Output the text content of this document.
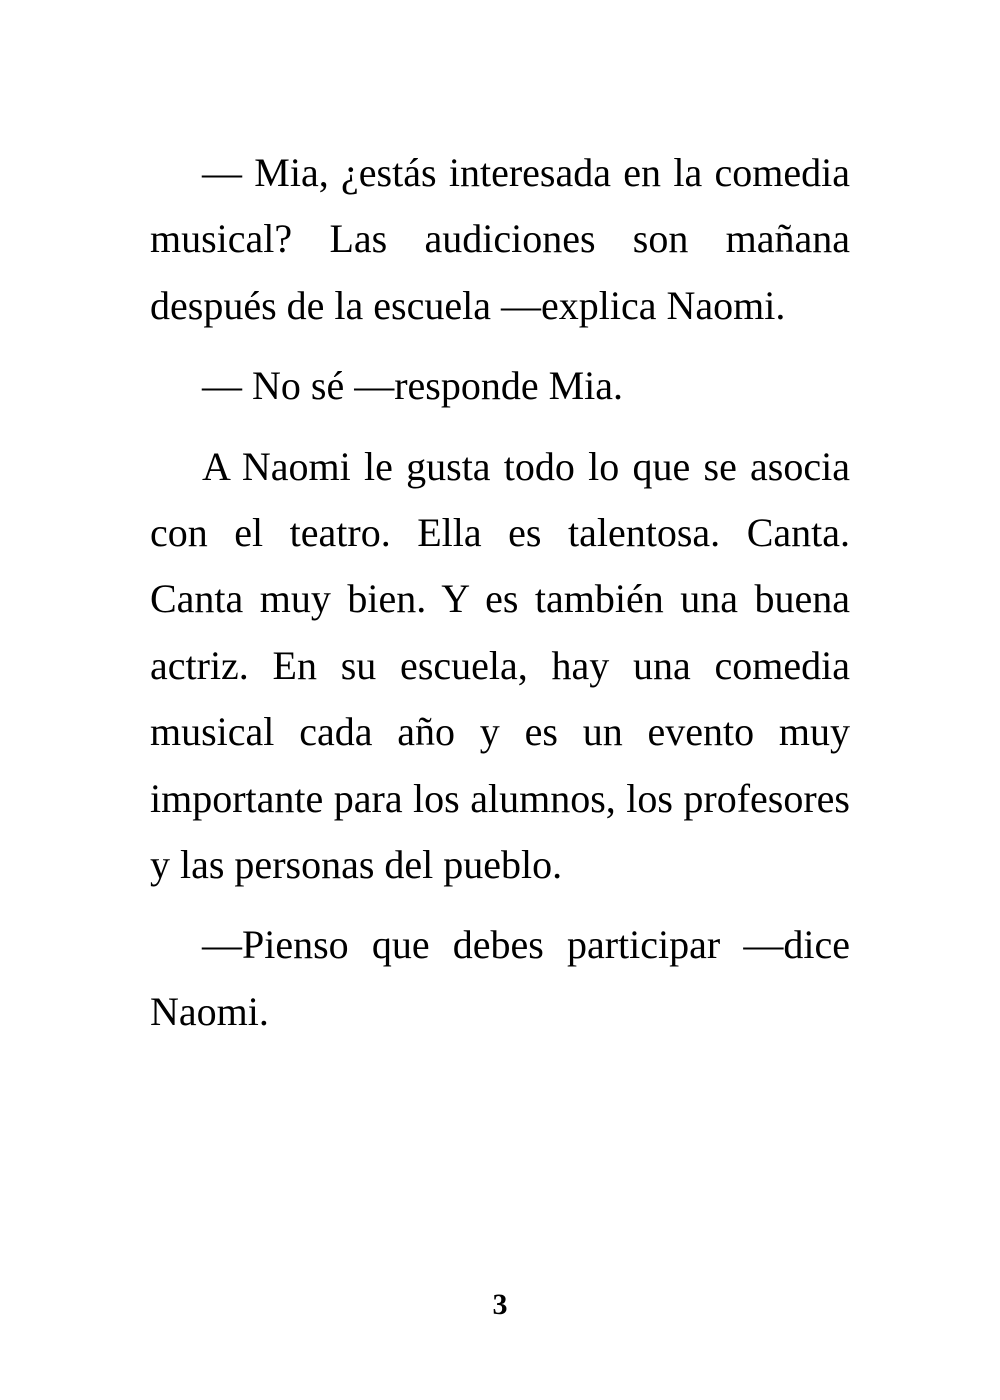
— Mia, ¿estás interesada en la comedia musical? Las audiciones son mañana después de la escuela —explica Naomi.

— No sé —responde Mia.

A Naomi le gusta todo lo que se asocia con el teatro. Ella es talentosa. Canta. Canta muy bien. Y es también una buena actriz. En su escuela, hay una comedia musical cada año y es un evento muy importante para los alumnos, los profesores y las personas del pueblo.

—Pienso que debes participar —dice Naomi.

3
